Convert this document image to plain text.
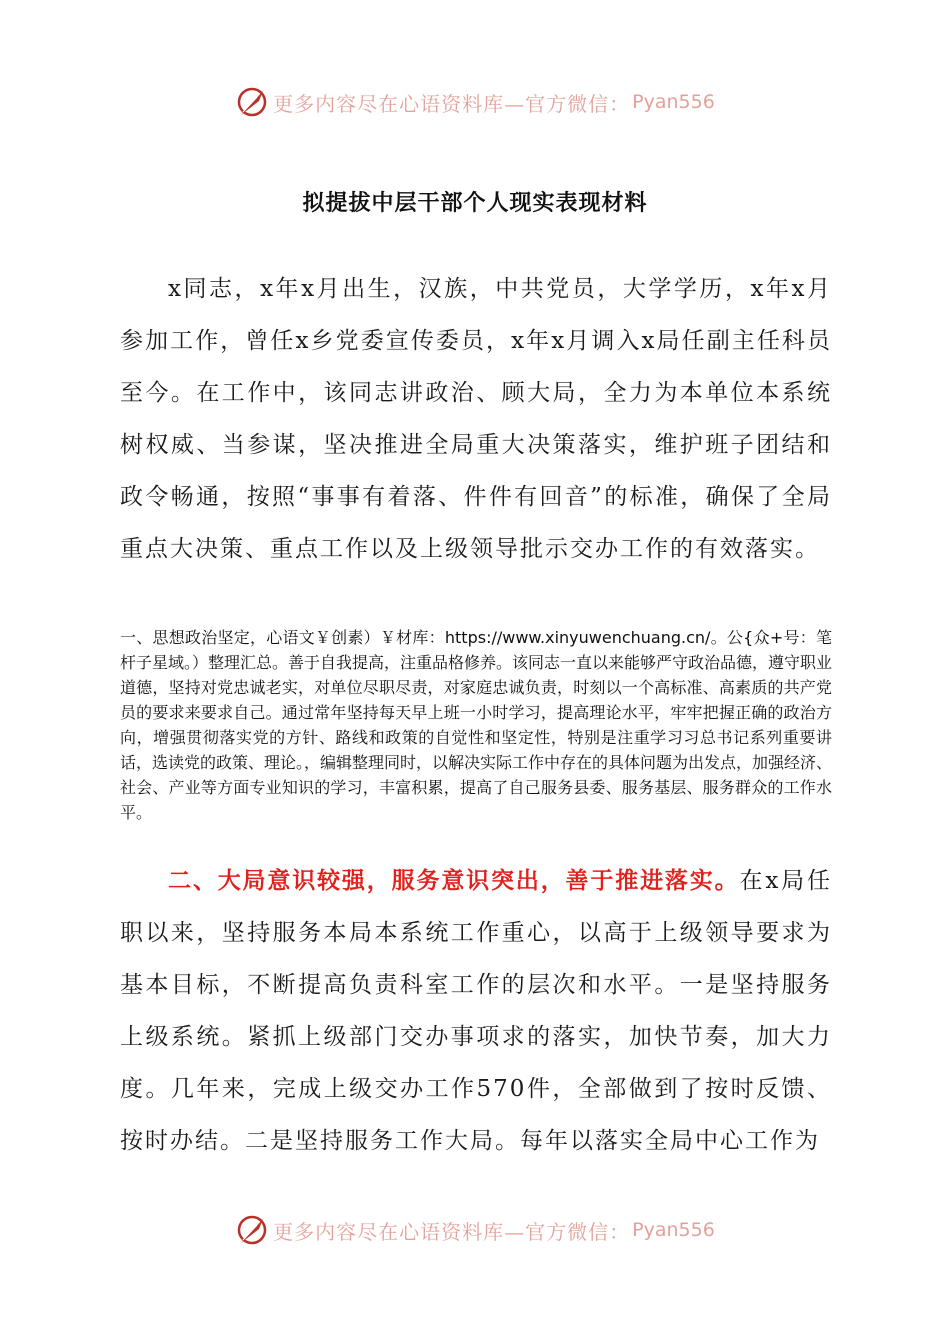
更多内容尽在心语资料库—官方微信： Pyan556
拟提拔中层干部个人现实表现材料
x同志，x年x月出生，汉族，中共党员，大学学历，x年x月参加工作，曾任x乡党委宣传委员，x年x月调入x局任副主任科员至今。在工作中，该同志讲政治、顾大局，全力为本单位本系统树权威、当参谋，坚决推进全局重大决策落实，维护班子团结和政令畅通，按照“事事有着落、件件有回音”的标准，确保了全局重点大决策、重点工作以及上级领导批示交办工作的有效落实。
一、思想政治坚定，心语文￥创素）￥材库：https://www.xinyuwenchuang.cn/。公{众+号：笔杆子星域。）整理汇总。善于自我提高，注重品格修养。该同志一直以来能够严守政治品德，遵守职业道德，坚持对党忠诚老实，对单位尽职尽责，对家庭忠诚负责，时刻以一个高标准、高素质的共产党员的要求来要求自己。通过常年坚持每天早上班一小时学习，提高理论水平，牢牢把握正确的政治方向，增强贯彻落实党的方针、路线和政策的自觉性和坚定性，特别是注重学习习总书记系列重要讲话，选读党的政策、理论。，编辑整理同时，以解决实际工作中存在的具体问题为出发点，加强经济、社会、产业等方面专业知识的学习，丰富积累，提高了自己服务县委、服务基层、服务群众的工作水平。
二、大局意识较强，服务意识突出，善于推进落实。在x局任职以来，坚持服务本局本系统工作重心，以高于上级领导要求为基本目标，不断提高负责科室工作的层次和水平。一是坚持服务上级系统。紧抓上级部门交办事项求的落实，加快节奏，加大力度。几年来，完成上级交办工作570件，全部做到了按时反馈、按时办结。二是坚持服务工作大局。每年以落实全局中心工作为
更多内容尽在心语资料库—官方微信： Pyan556
